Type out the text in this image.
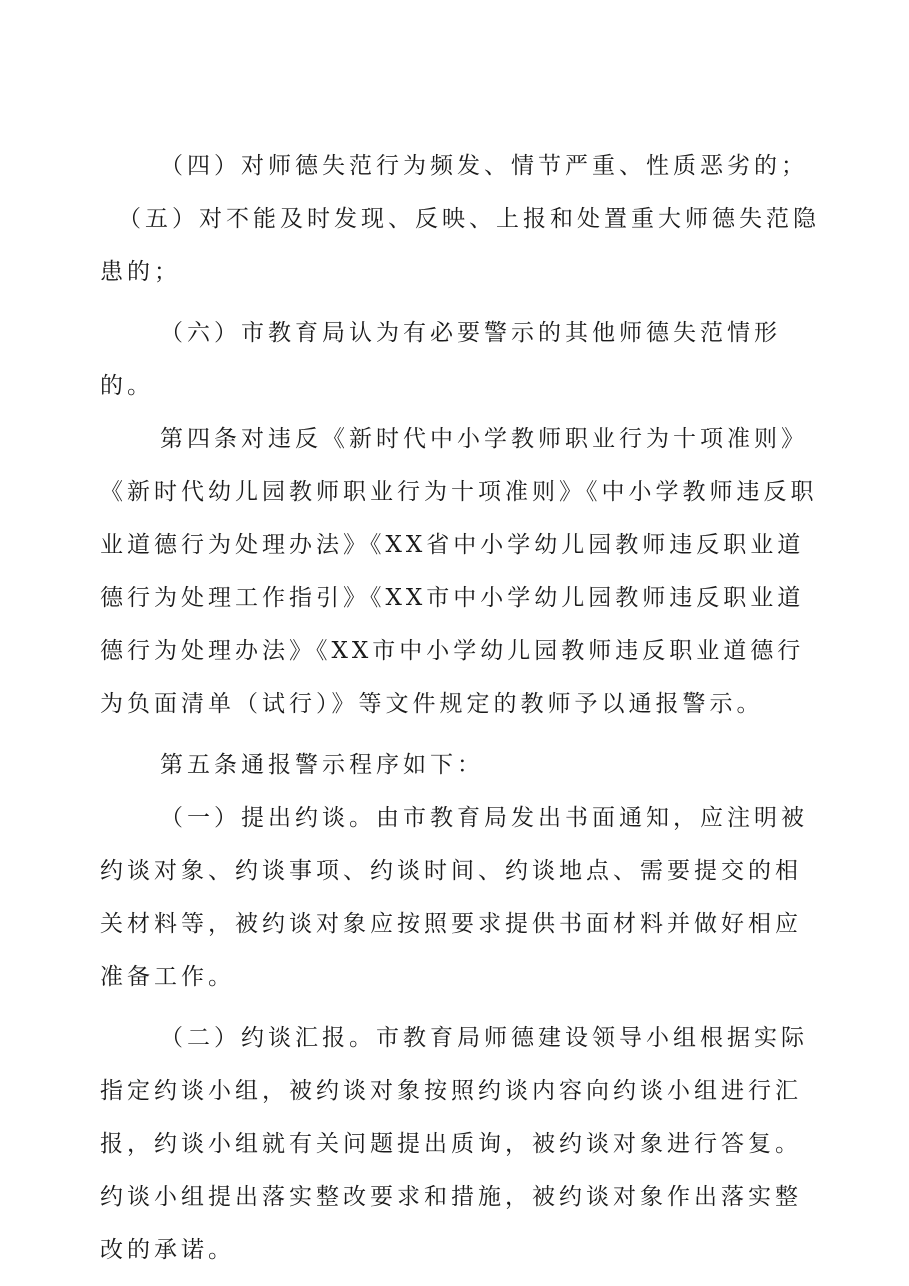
（四）对师德失范行为频发、情节严重、性质恶劣的；

（五）对不能及时发现、反映、上报和处置重大师德失范隐患的；

（六）市教育局认为有必要警示的其他师德失范情形的。

第四条对违反《新时代中小学教师职业行为十项准则》《新时代幼儿园教师职业行为十项准则》《中小学教师违反职业道德行为处理办法》《XX省中小学幼儿园教师违反职业道德行为处理工作指引》《XX市中小学幼儿园教师违反职业道德行为处理办法》《XX市中小学幼儿园教师违反职业道德行为负面清单（试行）》等文件规定的教师予以通报警示。

第五条通报警示程序如下：

（一）提出约谈。由市教育局发出书面通知，应注明被约谈对象、约谈事项、约谈时间、约谈地点、需要提交的相关材料等，被约谈对象应按照要求提供书面材料并做好相应准备工作。

（二）约谈汇报。市教育局师德建设领导小组根据实际指定约谈小组，被约谈对象按照约谈内容向约谈小组进行汇报，约谈小组就有关问题提出质询，被约谈对象进行答复。约谈小组提出落实整改要求和措施，被约谈对象作出落实整改的承诺。
